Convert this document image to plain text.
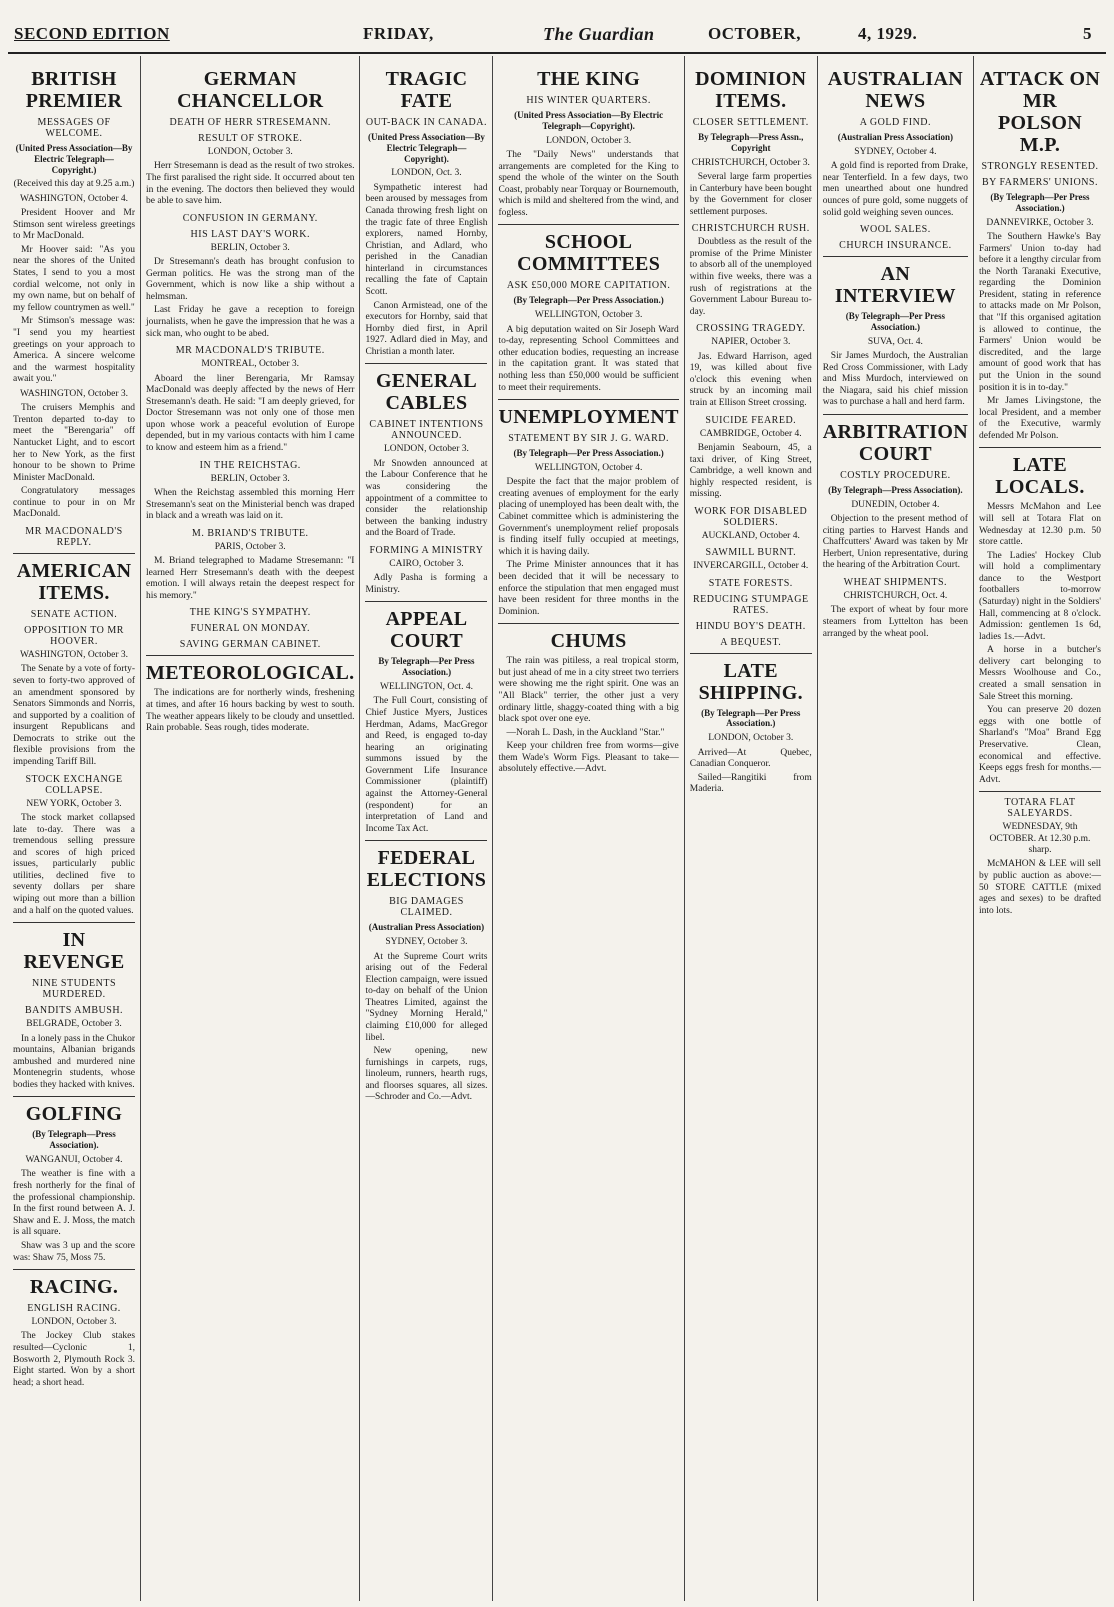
SECOND EDITION	FRIDAY,	The Guardian	OCTOBER,	4, 1929.	5
BRITISH PREMIER
MESSAGES OF WELCOME.
(United Press Association—By Electric Telegraph—Copyright.)
(Received this day at 9.25 a.m.)
WASHINGTON, October 4.

President Hoover and Mr Stimson sent wireless greetings to Mr MacDonald.

Mr Hoover said: "As you near the shores of the United States, I send to you a most cordial welcome, not only in my own name, but on behalf of my fellow countrymen as well."

Mr Stimson's message was: "I send you my heartiest greetings on your approach to America. A sincere welcome and the warmest hospitality await you."

WASHINGTON, October 3.

The cruisers Memphis and Trenton departed to-day to meet the "Berengaria" off Nantucket Light, and to escort her to New York, as the first honour to be shown to Prime Minister MacDonald.

Congratulatory messages continue to pour in on Mr MacDonald.

MR MACDONALD'S REPLY.
AMERICAN ITEMS.
SENATE ACTION.
OPPOSITION TO MR HOOVER.
WASHINGTON, October 3.

The Senate by a vote of forty-seven to forty-two approved of an amendment sponsored by Senators Simmonds and Norris, and supported by a coalition of insurgent Republicans and Democrats to strike out the flexible provisions from the impending Tariff Bill.

STOCK EXCHANGE COLLAPSE.
NEW YORK, October 3.

The stock market collapsed late to-day. There was a tremendous selling pressure and scores of high priced issues, particularly public utilities, declined five to seventy dollars per share wiping out more than a billion and a half on the quoted values.

IN REVENGE
NINE STUDENTS MURDERED.
BANDITS AMBUSH.
BELGRADE, October 3.

In a lonely pass in the Chukor mountains, Albanian brigands ambushed and murdered nine Montenegrin students, whose bodies they hacked with knives.

GOLFING
(By Telegraph—Press Association).
WANGANUI, October 4.

The weather is fine with a fresh northerly for the final of the professional championship. In the first round between A. J. Shaw and E. J. Moss, the match is all square.

Shaw was 3 up and the score was: Shaw 75, Moss 75.

RACING.
ENGLISH RACING.
LONDON, October 3.

The Jockey Club stakes resulted—Cyclonic 1, Bosworth 2, Plymouth Rock 3. Eight started. Won by a short head; a short head.

GERMAN CHANCELLOR
DEATH OF HERR STRESEMANN.
RESULT OF STROKE.
LONDON, October 3.

Herr Stresemann is dead as the result of two strokes. The first paralised the right side. It occurred about ten in the evening. The doctors then believed they would be able to save him.

CONFUSION IN GERMANY.
HIS LAST DAY'S WORK.
BERLIN, October 3.

Dr Stresemann's death has brought confusion to German politics. He was the strong man of the Government, which is now like a ship without a helmsman.

Last Friday he gave a reception to foreign journalists, when he gave the impression that he was a sick man, who ought to be abed.

MR MACDONALD'S TRIBUTE.
MONTREAL, October 3.

Aboard the liner Berengaria, Mr Ramsay MacDonald was deeply affected by the news of Herr Stresemann's death. He said: "I am deeply grieved, for Doctor Stresemann was not only one of those men upon whose work a peaceful evolution of Europe depended, but in my various contacts with him I came to know and esteem him as a friend."

IN THE REICHSTAG.
BERLIN, October 3.

When the Reichstag assembled this morning Herr Stresemann's seat on the Ministerial bench was draped in black and a wreath was laid on it.

M. BRIAND'S TRIBUTE.
PARIS, October 3.

M. Briand telegraphed to Madame Stresemann: "I learned Herr Stresemann's death with the deepest emotion. I will always retain the deepest respect for his memory."

THE KING'S SYMPATHY.
FUNERAL ON MONDAY.
SAVING GERMAN CABINET.
METEOROLOGICAL.

The indications are for northerly winds, freshening at times, and after 16 hours backing by west to south. The weather appears likely to be cloudy and unsettled. Rain probable. Seas rough, tides moderate.

TRAGIC FATE
OUT-BACK IN CANADA.
(United Press Association—By Electric Telegraph—Copyright).
LONDON, Oct. 3.

Sympathetic interest had been aroused by messages from Canada throwing fresh light on the tragic fate of three English explorers, named Hornby, Christian, and Adlard, who perished in the Canadian hinterland in circumstances recalling the fate of Captain Scott.

Canon Armistead, one of the executors for Hornby, said that Hornby died first, in April 1927. Adlard died in May, and Christian a month later.

GENERAL CABLES
CABINET INTENTIONS ANNOUNCED.
LONDON, October 3.

Mr Snowden announced at the Labour Conference that he was considering the appointment of a committee to consider the relationship between the banking industry and the Board of Trade.

FORMING A MINISTRY
CAIRO, October 3.

Adly Pasha is forming a Ministry.

APPEAL COURT
By Telegraph—Per Press Association.)
WELLINGTON, Oct. 4.

The Full Court, consisting of Chief Justice Myers, Justices Herdman, Adams, MacGregor and Reed, is engaged to-day hearing an originating summons issued by the Government Life Insurance Commissioner (plaintiff) against the Attorney-General (respondent) for an interpretation of Land and Income Tax Act.

FEDERAL ELECTIONS
BIG DAMAGES CLAIMED.
(Australian Press Association)
SYDNEY, October 3.

At the Supreme Court writs arising out of the Federal Election campaign, were issued to-day on behalf of the Union Theatres Limited, against the "Sydney Morning Herald," claiming £10,000 for alleged libel.

New opening, new furnishings in carpets, rugs, linoleum, runners, hearth rugs, and floorses squares, all sizes.—Schroder and Co.—Advt.

THE KING
HIS WINTER QUARTERS.
(United Press Association—By Electric Telegraph—Copyright).
LONDON, October 3.

The "Daily News" understands that arrangements are completed for the King to spend the whole of the winter on the South Coast, probably near Torquay or Bournemouth, which is mild and sheltered from the wind, and fogless.

SCHOOL COMMITTEES
ASK £50,000 MORE CAPITATION.
(By Telegraph—Per Press Association.)
WELLINGTON, October 3.

A big deputation waited on Sir Joseph Ward to-day, representing School Committees and other education bodies, requesting an increase in the capitation grant. It was stated that nothing less than £50,000 would be sufficient to meet their requirements.

UNEMPLOYMENT
STATEMENT BY SIR J. G. WARD.
(By Telegraph—Per Press Association.)
WELLINGTON, October 4.

Despite the fact that the major problem of creating avenues of employment for the early placing of unemployed has been dealt with, the Cabinet committee which is administering the Government's unemployment relief proposals is finding itself fully occupied at meetings, which it is having daily.

The Prime Minister announces that it has been decided that it will be necessary to enforce the stipulation that men engaged must have been resident for three months in the Dominion.

CHUMS

The rain was pitiless, a real tropical storm, but just ahead of me in a city street two terriers were showing me the right spirit. One was an "All Black" terrier, the other just a very ordinary little, shaggy-coated thing with a big black spot over one eye.

—Norah L. Dash, in the Auckland "Star."

Keep your children free from worms—give them Wade's Worm Figs. Pleasant to take—absolutely effective.—Advt.

DOMINION ITEMS.
CLOSER SETTLEMENT.
By Telegraph—Press Assn., Copyright
CHRISTCHURCH, October 3.

Several large farm properties in Canterbury have been bought by the Government for closer settlement purposes.

CHRISTCHURCH RUSH.

Doubtless as the result of the promise of the Prime Minister to absorb all of the unemployed within five weeks, there was a rush of registrations at the Government Labour Bureau to-day.

CROSSING TRAGEDY.
NAPIER, October 3.

Jas. Edward Harrison, aged 19, was killed about five o'clock this evening when struck by an incoming mail train at Ellison Street crossing.

SUICIDE FEARED.
CAMBRIDGE, October 4.

Benjamin Seabourn, 45, a taxi driver, of King Street, Cambridge, a well known and highly respected resident, is missing.

WORK FOR DISABLED SOLDIERS.
AUCKLAND, October 4.
SAWMILL BURNT.
INVERCARGILL, October 4.
STATE FORESTS.
REDUCING STUMPAGE RATES.
HINDU BOY'S DEATH.
A BEQUEST.
LATE SHIPPING.
(By Telegraph—Per Press Association.)
LONDON, October 3.

Arrived—At Quebec, Canadian Conqueror.

Sailed—Rangitiki from Maderia.

AUSTRALIAN NEWS
A GOLD FIND.
(Australian Press Association)
SYDNEY, October 4.

A gold find is reported from Drake, near Tenterfield. In a few days, two men unearthed about one hundred ounces of pure gold, some nuggets of solid gold weighing seven ounces.

WOOL SALES.
CHURCH INSURANCE.
AN INTERVIEW
(By Telegraph—Per Press Association.)
SUVA, Oct. 4.

Sir James Murdoch, the Australian Red Cross Commissioner, with Lady and Miss Murdoch, interviewed on the Niagara, said his chief mission was to purchase a hall and herd farm.

ARBITRATION COURT
COSTLY PROCEDURE.
(By Telegraph—Press Association).
DUNEDIN, October 4.

Objection to the present method of citing parties to Harvest Hands and Chaffcutters' Award was taken by Mr Herbert, Union representative, during the hearing of the Arbitration Court.

WHEAT SHIPMENTS.
CHRISTCHURCH, Oct. 4.

The export of wheat by four more steamers from Lyttelton has been arranged by the wheat pool.

ATTACK ON MR POLSON M.P.
STRONGLY RESENTED.
BY FARMERS' UNIONS.
(By Telegraph—Per Press Association.)
DANNEVIRKE, October 3.

The Southern Hawke's Bay Farmers' Union to-day had before it a lengthy circular from the North Taranaki Executive, regarding the Dominion President, stating in reference to attacks made on Mr Polson, that "If this organised agitation is allowed to continue, the Farmers' Union would be discredited, and the large amount of good work that has put the Union in the sound position it is in to-day."

Mr James Livingstone, the local President, and a member of the Executive, warmly defended Mr Polson.

LATE LOCALS.

Messrs McMahon and Lee will sell at Totara Flat on Wednesday at 12.30 p.m. 50 store cattle.

The Ladies' Hockey Club will hold a complimentary dance to the Westport footballers to-morrow (Saturday) night in the Soldiers' Hall, commencing at 8 o'clock. Admission: gentlemen 1s 6d, ladies 1s.—Advt.

A horse in a butcher's delivery cart belonging to Messrs Woolhouse and Co., created a small sensation in Sale Street this morning.

You can preserve 20 dozen eggs with one bottle of Sharland's "Moa" Brand Egg Preservative. Clean, economical and effective. Keeps eggs fresh for months.—Advt.

TOTARA FLAT SALEYARDS.
WEDNESDAY, 9th OCTOBER. At 12.30 p.m. sharp.

McMAHON & LEE will sell by public auction as above:— 50 STORE CATTLE (mixed ages and sexes) to be drafted into lots.
